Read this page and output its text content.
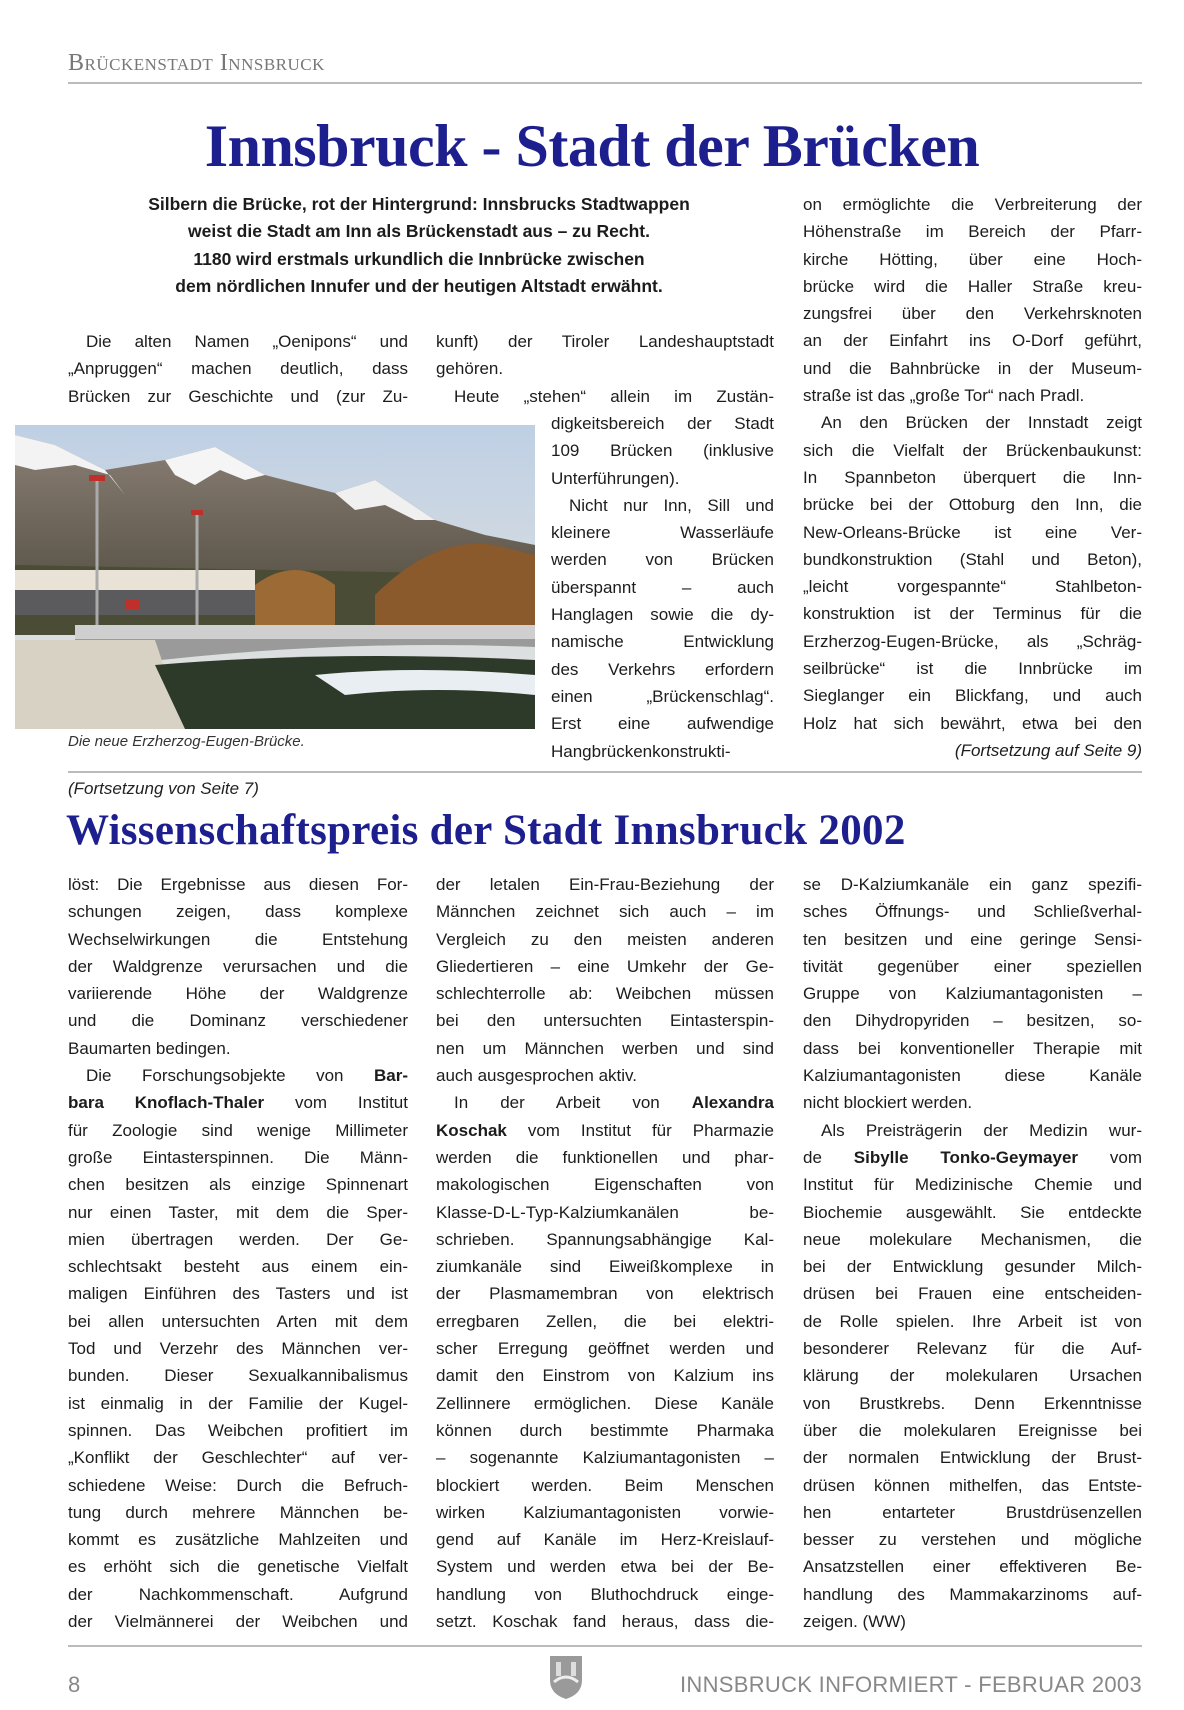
Brückenstadt Innsbruck
Innsbruck - Stadt der Brücken
Silbern die Brücke, rot der Hintergrund: Innsbrucks Stadtwappen
weist die Stadt am Inn als Brückenstadt aus – zu Recht.
1180 wird erstmals urkundlich die Innbrücke zwischen
dem nördlichen Innufer und der heutigen Altstadt erwähnt.
Die alten Namen „Oenipons“ und
„Anpruggen“ machen deutlich, dass
Brücken zur Geschichte und (zur Zu-
kunft) der Tiroler Landeshauptstadt
gehören.
Heute „stehen“ allein im Zustän-
digkeitsbereich der Stadt
109 Brücken (inklusive
Unterführungen).
Nicht nur Inn, Sill und
kleinere Wasserläufe
werden von Brücken
überspannt – auch
Hanglagen sowie die dy-
namische Entwicklung
des Verkehrs erfordern
einen „Brückenschlag“.
Erst eine aufwendige
Hangbrückenkonstrukti-
on ermöglichte die Verbreiterung der
Höhenstraße im Bereich der Pfarr-
kirche Hötting, über eine Hoch-
brücke wird die Haller Straße kreu-
zungsfrei über den Verkehrsknoten
an der Einfahrt ins O-Dorf geführt,
und die Bahnbrücke in der Museum-
straße ist das „große Tor“ nach Pradl.
An den Brücken der Innstadt zeigt
sich die Vielfalt der Brückenbaukunst:
In Spannbeton überquert die Inn-
brücke bei der Ottoburg den Inn, die
New-Orleans-Brücke ist eine Ver-
bundkonstruktion (Stahl und Beton),
„leicht vorgespannte“ Stahlbeton-
konstruktion ist der Terminus für die
Erzherzog-Eugen-Brücke, als „Schräg-
seilbrücke“ ist die Innbrücke im
Sieglanger ein Blickfang, und auch
Holz hat sich bewährt, etwa bei den
(Fortsetzung auf Seite 9)
Die neue Erzherzog-Eugen-Brücke.
(Fortsetzung von Seite 7)
Wissenschaftspreis der Stadt Innsbruck 2002
löst: Die Ergebnisse aus diesen For-
schungen zeigen, dass komplexe
Wechselwirkungen die Entstehung
der Waldgrenze verursachen und die
variierende Höhe der Waldgrenze
und die Dominanz verschiedener
Baumarten bedingen.
Die Forschungsobjekte von Bar-
bara Knoflach-Thaler vom Institut
für Zoologie sind wenige Millimeter
große Eintasterspinnen. Die Männ-
chen besitzen als einzige Spinnenart
nur einen Taster, mit dem die Sper-
mien übertragen werden. Der Ge-
schlechtsakt besteht aus einem ein-
maligen Einführen des Tasters und ist
bei allen untersuchten Arten mit dem
Tod und Verzehr des Männchen ver-
bunden. Dieser Sexualkannibalismus
ist einmalig in der Familie der Kugel-
spinnen. Das Weibchen profitiert im
„Konflikt der Geschlechter“ auf ver-
schiedene Weise: Durch die Befruch-
tung durch mehrere Männchen be-
kommt es zusätzliche Mahlzeiten und
es erhöht sich die genetische Vielfalt
der Nachkommenschaft. Aufgrund
der Vielmännerei der Weibchen und
der letalen Ein-Frau-Beziehung der
Männchen zeichnet sich auch – im
Vergleich zu den meisten anderen
Gliedertieren – eine Umkehr der Ge-
schlechterrolle ab: Weibchen müssen
bei den untersuchten Eintasterspin-
nen um Männchen werben und sind
auch ausgesprochen aktiv.
In der Arbeit von Alexandra
Koschak vom Institut für Pharmazie
werden die funktionellen und phar-
makologischen Eigenschaften von
Klasse-D-L-Typ-Kalziumkanälen be-
schrieben. Spannungsabhängige Kal-
ziumkanäle sind Eiweißkomplexe in
der Plasmamembran von elektrisch
erregbaren Zellen, die bei elektri-
scher Erregung geöffnet werden und
damit den Einstrom von Kalzium ins
Zellinnere ermöglichen. Diese Kanäle
können durch bestimmte Pharmaka
– sogenannte Kalziumantagonisten –
blockiert werden. Beim Menschen
wirken Kalziumantagonisten vorwie-
gend auf Kanäle im Herz-Kreislauf-
System und werden etwa bei der Be-
handlung von Bluthochdruck einge-
setzt. Koschak fand heraus, dass die-
se D-Kalziumkanäle ein ganz spezifi-
sches Öffnungs- und Schließverhal-
ten besitzen und eine geringe Sensi-
tivität gegenüber einer speziellen
Gruppe von Kalziumantagonisten –
den Dihydropyriden – besitzen, so-
dass bei konventioneller Therapie mit
Kalziumantagonisten diese Kanäle
nicht blockiert werden.
Als Preisträgerin der Medizin wur-
de Sibylle Tonko-Geymayer vom
Institut für Medizinische Chemie und
Biochemie ausgewählt. Sie entdeckte
neue molekulare Mechanismen, die
bei der Entwicklung gesunder Milch-
drüsen bei Frauen eine entscheiden-
de Rolle spielen. Ihre Arbeit ist von
besonderer Relevanz für die Auf-
klärung der molekularen Ursachen
von Brustkrebs. Denn Erkenntnisse
über die molekularen Ereignisse bei
der normalen Entwicklung der Brust-
drüsen können mithelfen, das Entste-
hen entarteter Brustdrüsenzellen
besser zu verstehen und mögliche
Ansatzstellen einer effektiveren Be-
handlung des Mammakarzinoms auf-
zeigen. (WW)
8	INNSBRUCK INFORMIERT - FEBRUAR 2003
